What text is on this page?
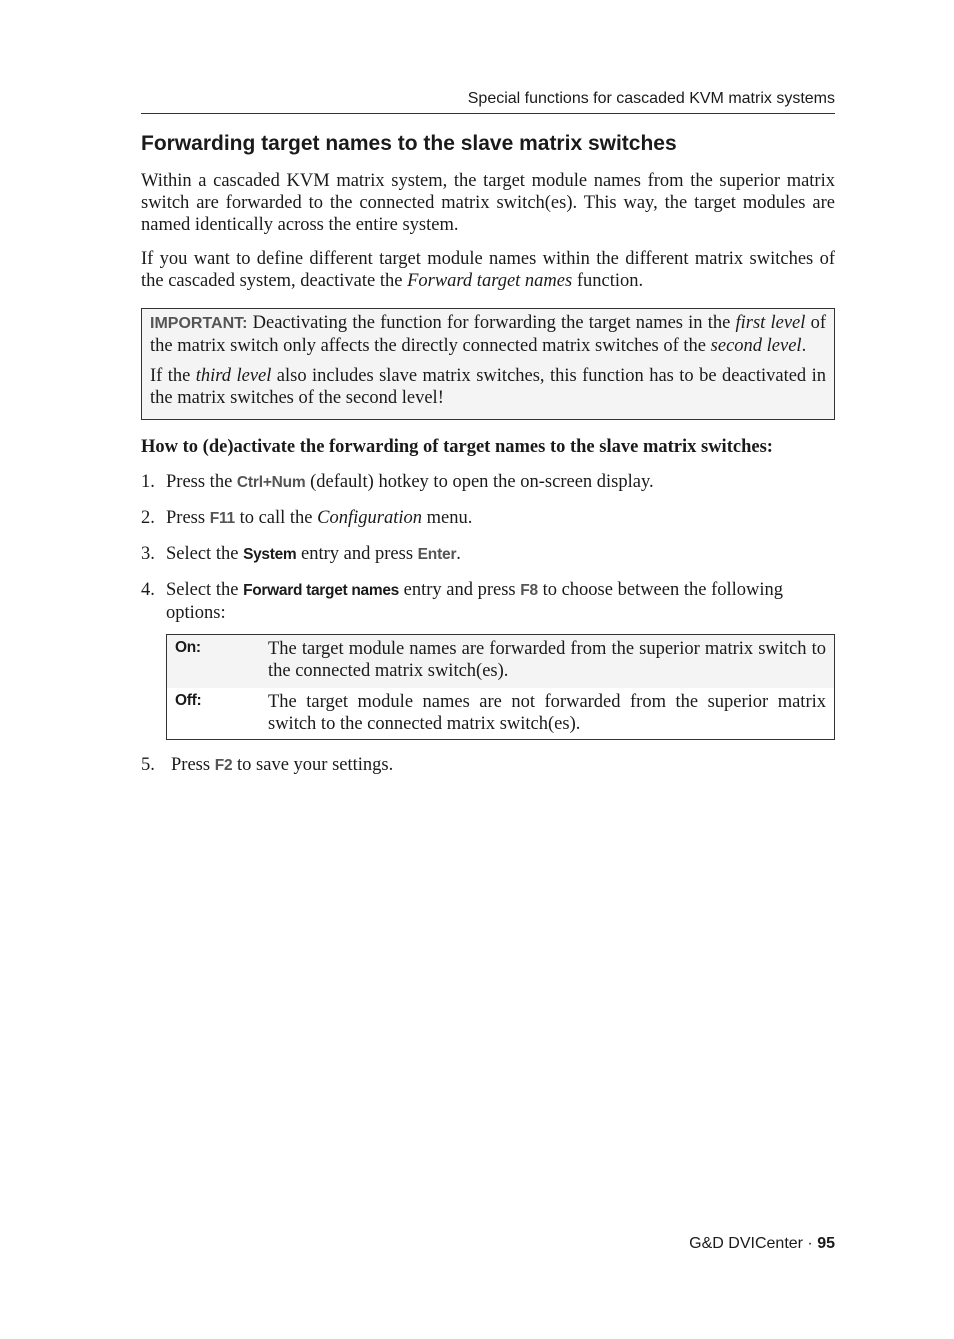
Special functions for cascaded KVM matrix systems
Forwarding target names to the slave matrix switches

Within a cascaded KVM matrix system, the target module names from the superior matrix switch are forwarded to the connected matrix switch(es). This way, the target modules are named identically across the entire system.

If you want to define different target module names within the different matrix switches of the cascaded system, deactivate the Forward target names function.

IMPORTANT: Deactivating the function for forwarding the target names in the first level of the matrix switch only affects the directly connected matrix switches of the second level.

If the third level also includes slave matrix switches, this function has to be deactivated in the matrix switches of the second level!

How to (de)activate the forwarding of target names to the slave matrix switches:

1. Press the Ctrl+Num (default) hotkey to open the on-screen display.
2. Press F11 to call the Configuration menu.
3. Select the System entry and press Enter.
4. Select the Forward target names entry and press F8 to choose between the following options:
On:	The target module names are forwarded from the superior matrix switch to the connected matrix switch(es).
Off:	The target module names are not forwarded from the superior matrix switch to the connected matrix switch(es).
5. Press F2 to save your settings.
G&D DVICenter · 95
